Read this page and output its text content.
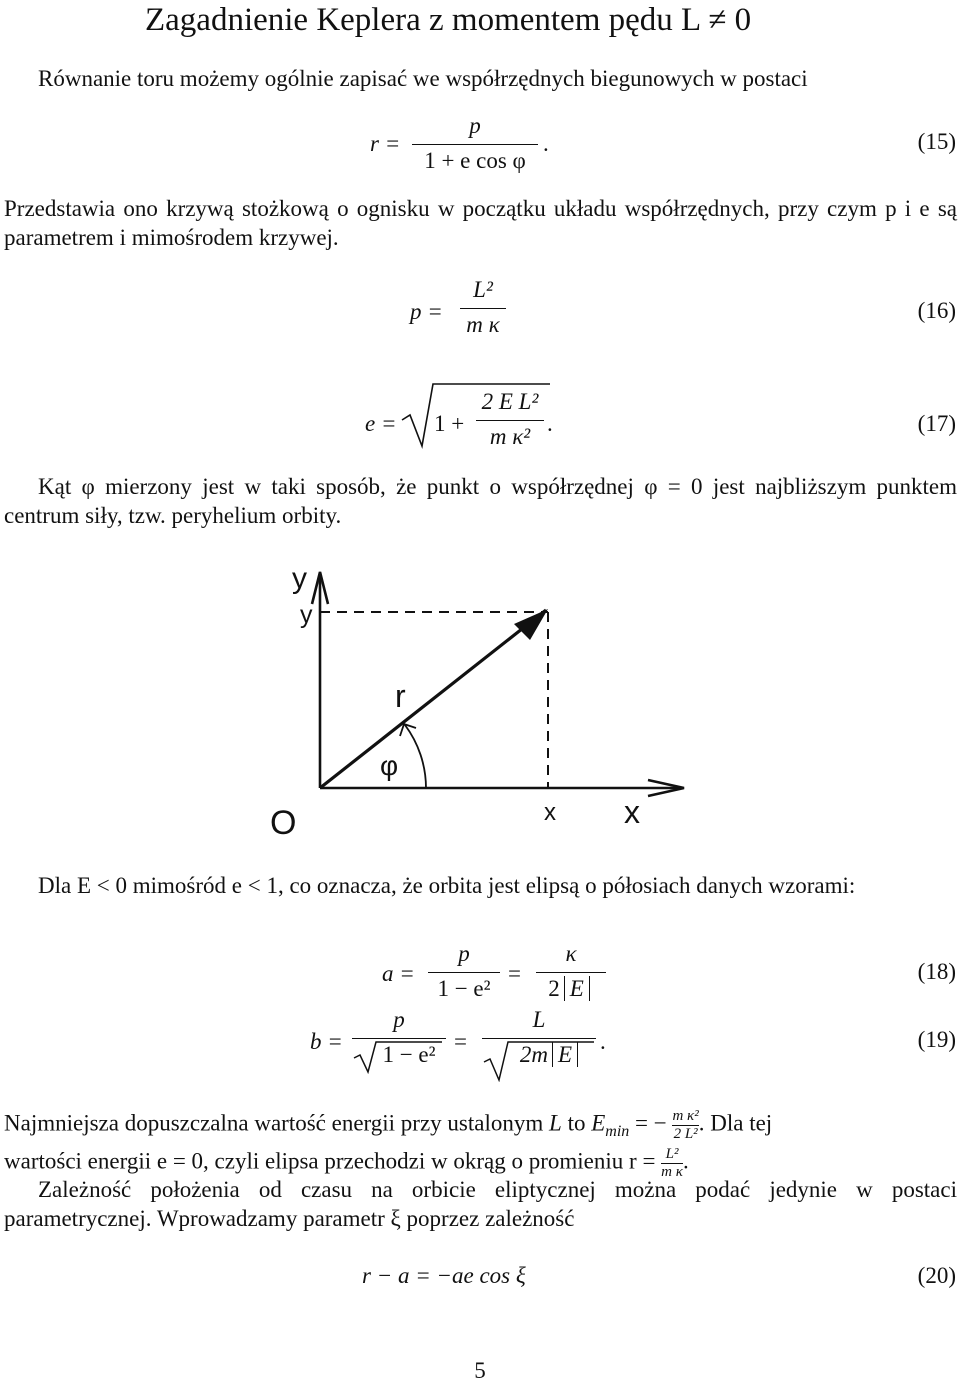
Zagadnienie Keplera z momentem pędu L ≠ 0
Równanie toru możemy ogólnie zapisać we współrzędnych biegunowych w postaci
r =
p
1 + e cos φ
.	(15)
Przedstawia ono krzywą stożkową o ognisku w początku układu współrzędnych, przy czym p i e są parametrem i mimośrodem krzywej.
p =
L²
m κ
(16)
e = 1 +
2 E L²
m κ²
.	(17)
Kąt φ mierzony jest w taki sposób, że punkt o współrzędnej φ = 0 jest najbliższym punktem centrum siły, tzw. peryhelium orbity.
y
y
r
φ
O	x x
Dla E < 0 mimośród e < 1, co oznacza, że orbita jest elipsą o półosiach danych wzorami:
a =
p
1 − e²
=
κ
2 E
(18)
b =
p
1 − e²
=
L
2m E
.	(19)
Najmniejsza dopuszczalna wartość energii przy ustalonym L to $E_{min}$ = − $\frac{\text{m κ²}}{\text{2 L²}}$ . Dla tej
wartości energii e = 0, czyli elipsa przechodzi w okrąg o promieniu $r = \frac{\text{L²}}{\text{m κ}}$ .
Zależność położenia od czasu na orbicie eliptycznej można podać jedynie w postaci parametrycznej. Wprowadzamy parametr ξ poprzez zależność
r − a = −ae cos ξ	(20)
5
